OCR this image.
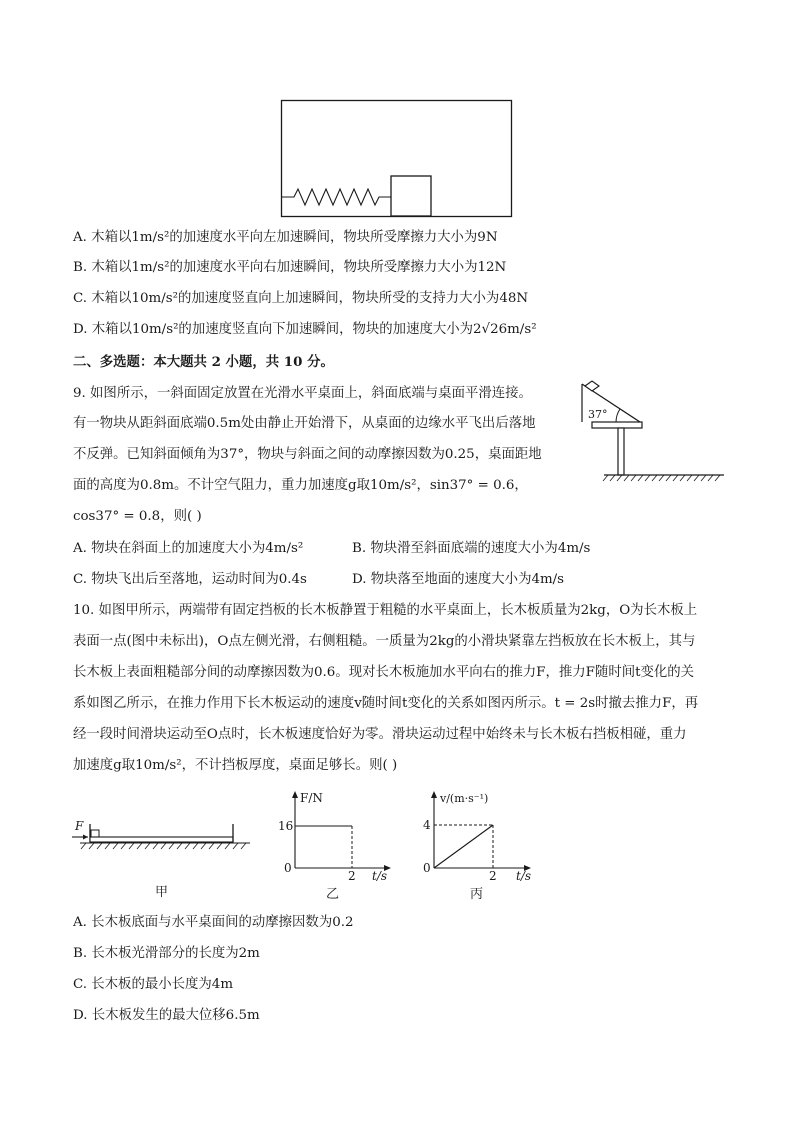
A. 木箱以1m/s²的加速度水平向左加速瞬间，物块所受摩擦力大小为9N
B. 木箱以1m/s²的加速度水平向右加速瞬间，物块所受摩擦力大小为12N
C. 木箱以10m/s²的加速度竖直向上加速瞬间，物块所受的支持力大小为48N
D. 木箱以10m/s²的加速度竖直向下加速瞬间，物块的加速度大小为2√26m/s²
二、多选题：本大题共 2 小题，共 10 分。
9. 如图所示，一斜面固定放置在光滑水平桌面上，斜面底端与桌面平滑连接。
有一物块从距斜面底端0.5m处由静止开始滑下，从桌面的边缘水平飞出后落地
不反弹。已知斜面倾角为37°，物块与斜面之间的动摩擦因数为0.25，桌面距地
面的高度为0.8m。不计空气阻力，重力加速度g取10m/s²，sin37° = 0.6，
cos37° = 0.8，则( )
37°
A. 物块在斜面上的加速度大小为4m/s²	B. 物块滑至斜面底端的速度大小为4m/s
C. 物块飞出后至落地，运动时间为0.4s	D. 物块落至地面的速度大小为4m/s
10. 如图甲所示，两端带有固定挡板的长木板静置于粗糙的水平桌面上，长木板质量为2kg，O为长木板上
表面一点(图中未标出)，O点左侧光滑，右侧粗糙。一质量为2kg的小滑块紧靠左挡板放在长木板上，其与
长木板上表面粗糙部分间的动摩擦因数为0.6。现对长木板施加水平向右的推力F，推力F随时间t变化的关
系如图乙所示，在推力作用下长木板运动的速度v随时间t变化的关系如图丙所示。t = 2s时撤去推力F，再
经一段时间滑块运动至O点时，长木板速度恰好为零。滑块运动过程中始终未与长木板右挡板相碰，重力
加速度g取10m/s²，不计挡板厚度，桌面足够长。则( )
F
甲
F/N
t/s
16
0
2
乙
v/(m·s⁻¹)
t/s
4
0
2
丙
A. 长木板底面与水平桌面间的动摩擦因数为0.2
B. 长木板光滑部分的长度为2m
C. 长木板的最小长度为4m
D. 长木板发生的最大位移6.5m
